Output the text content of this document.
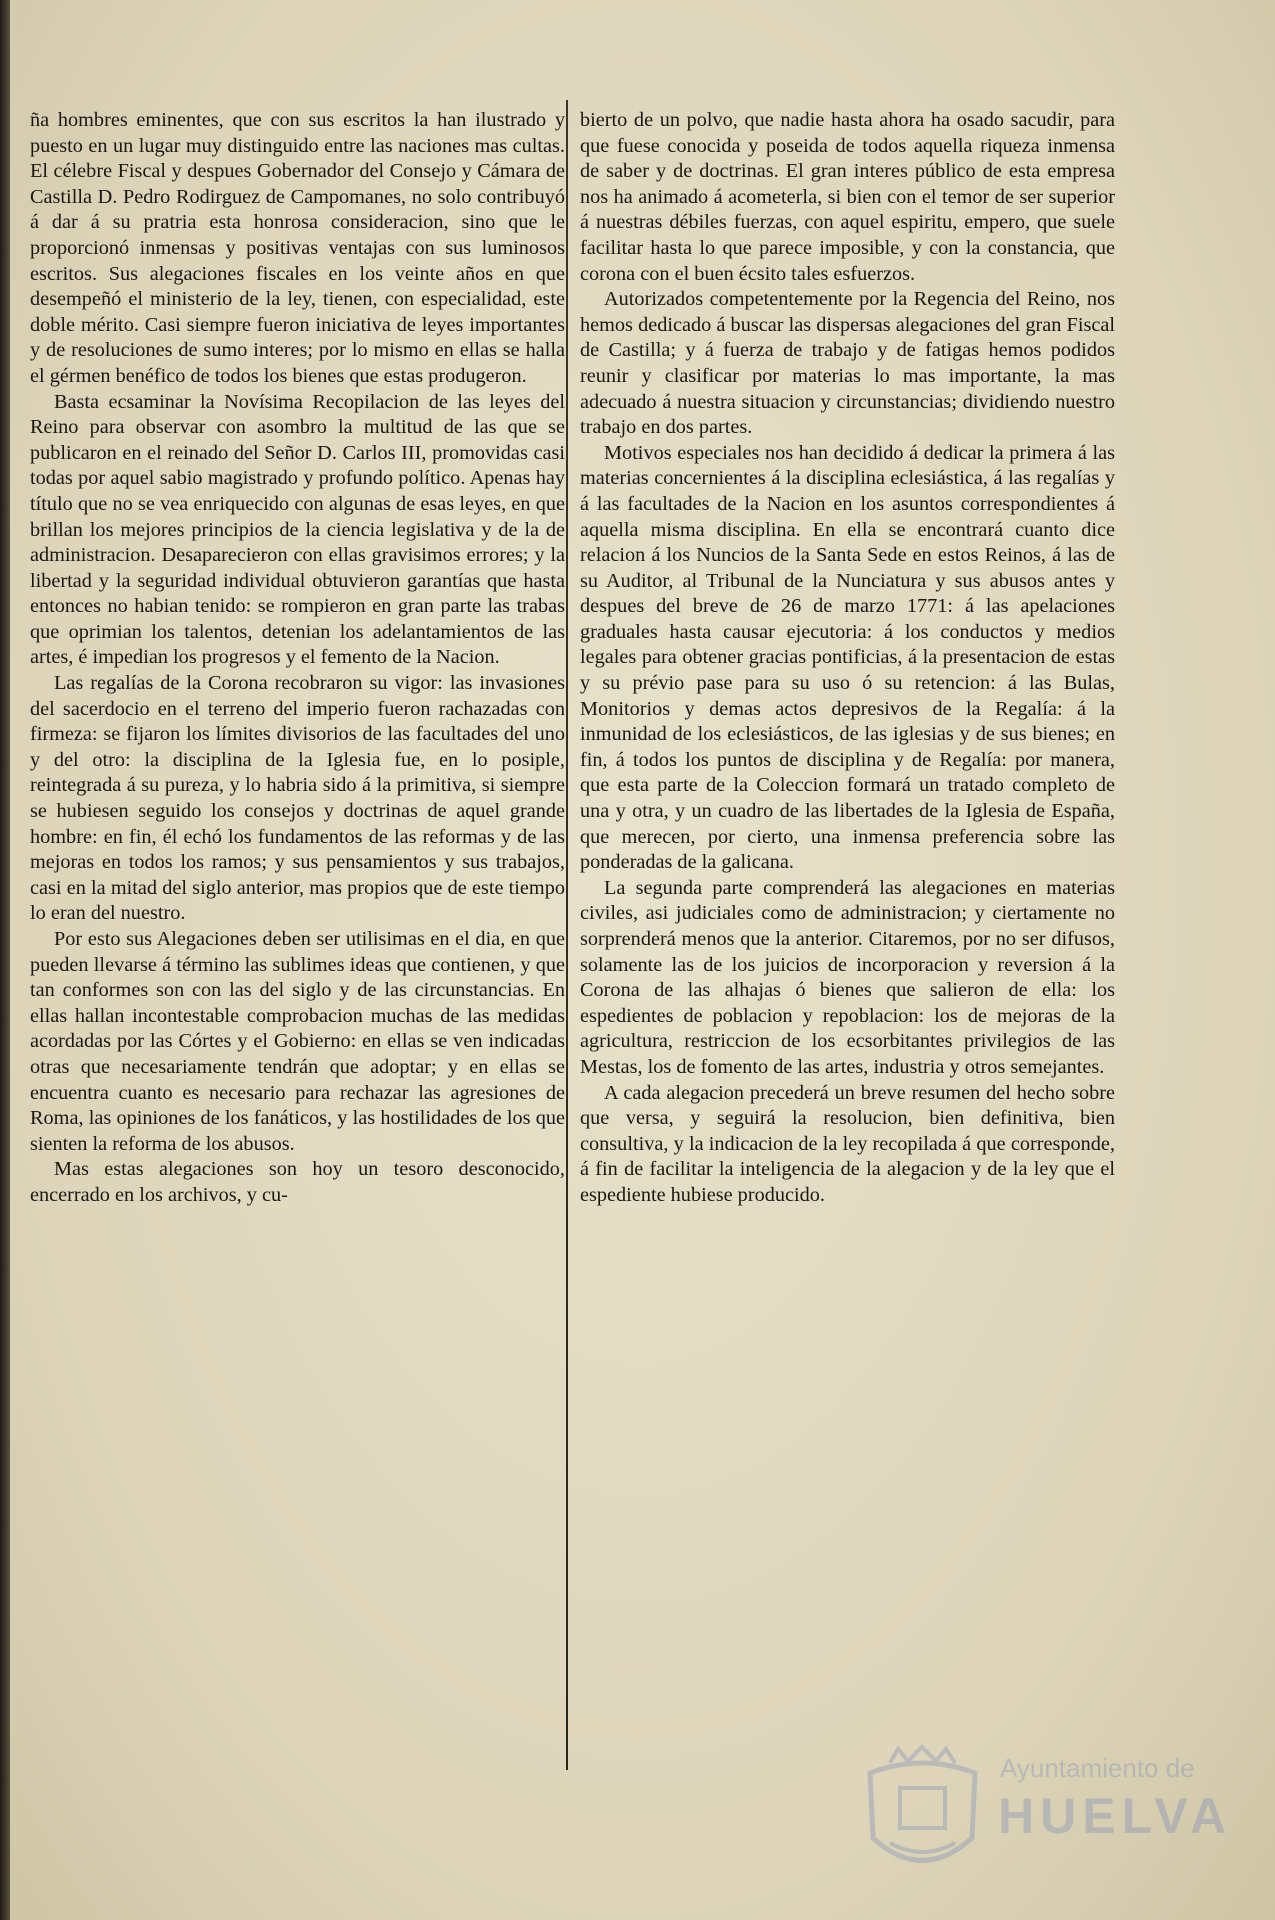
ña hombres eminentes, que con sus escritos la han ilustrado y puesto en un lugar muy distinguido entre las naciones mas cultas. El célebre Fiscal y despues Gobernador del Consejo y Cámara de Castilla D. Pedro Rodirguez de Campomanes, no solo contribuyó á dar á su pratria esta honrosa consideracion, sino que le proporcionó inmensas y positivas ventajas con sus luminosos escritos. Sus alegaciones fiscales en los veinte años en que desempeñó el ministerio de la ley, tienen, con especialidad, este doble mérito. Casi siempre fueron iniciativa de leyes importantes y de resoluciones de sumo interes; por lo mismo en ellas se halla el gérmen benéfico de todos los bienes que estas produgeron.

Basta ecsaminar la Novísima Recopilacion de las leyes del Reino para observar con asombro la multitud de las que se publicaron en el reinado del Señor D. Carlos III, promovidas casi todas por aquel sabio magistrado y profundo político. Apenas hay título que no se vea enriquecido con algunas de esas leyes, en que brillan los mejores principios de la ciencia legislativa y de la de administracion. Desaparecieron con ellas gravisimos errores; y la libertad y la seguridad individual obtuvieron garantías que hasta entonces no habian tenido: se rompieron en gran parte las trabas que oprimian los talentos, detenian los adelantamientos de las artes, é impedian los progresos y el femento de la Nacion.

Las regalías de la Corona recobraron su vigor: las invasiones del sacerdocio en el terreno del imperio fueron rachazadas con firmeza: se fijaron los límites divisorios de las facultades del uno y del otro: la disciplina de la Iglesia fue, en lo posiple, reintegrada á su pureza, y lo habria sido á la primitiva, si siempre se hubiesen seguido los consejos y doctrinas de aquel grande hombre: en fin, él echó los fundamentos de las reformas y de las mejoras en todos los ramos; y sus pensamientos y sus trabajos, casi en la mitad del siglo anterior, mas propios que de este tiempo lo eran del nuestro.

Por esto sus Alegaciones deben ser utilisimas en el dia, en que pueden llevarse á término las sublimes ideas que contienen, y que tan conformes son con las del siglo y de las circunstancias. En ellas hallan incontestable comprobacion muchas de las medidas acordadas por las Córtes y el Gobierno: en ellas se ven indicadas otras que necesariamente tendrán que adoptar; y en ellas se encuentra cuanto es necesario para rechazar las agresiones de Roma, las opiniones de los fanáticos, y las hostilidades de los que sienten la reforma de los abusos.

Mas estas alegaciones son hoy un tesoro desconocido, encerrado en los archivos, y cu-

bierto de un polvo, que nadie hasta ahora ha osado sacudir, para que fuese conocida y poseida de todos aquella riqueza inmensa de saber y de doctrinas. El gran interes público de esta empresa nos ha animado á acometerla, si bien con el temor de ser superior á nuestras débiles fuerzas, con aquel espiritu, empero, que suele facilitar hasta lo que parece imposible, y con la constancia, que corona con el buen écsito tales esfuerzos.

Autorizados competentemente por la Regencia del Reino, nos hemos dedicado á buscar las dispersas alegaciones del gran Fiscal de Castilla; y á fuerza de trabajo y de fatigas hemos podidos reunir y clasificar por materias lo mas importante, la mas adecuado á nuestra situacion y circunstancias; dividiendo nuestro trabajo en dos partes.

Motivos especiales nos han decidido á dedicar la primera á las materias concernientes á la disciplina eclesiástica, á las regalías y á las facultades de la Nacion en los asuntos correspondientes á aquella misma disciplina. En ella se encontrará cuanto dice relacion á los Nuncios de la Santa Sede en estos Reinos, á las de su Auditor, al Tribunal de la Nunciatura y sus abusos antes y despues del breve de 26 de marzo 1771: á las apelaciones graduales hasta causar ejecutoria: á los conductos y medios legales para obtener gracias pontificias, á la presentacion de estas y su prévio pase para su uso ó su retencion: á las Bulas, Monitorios y demas actos depresivos de la Regalía: á la inmunidad de los eclesiásticos, de las iglesias y de sus bienes; en fin, á todos los puntos de disciplina y de Regalía: por manera, que esta parte de la Coleccion formará un tratado completo de una y otra, y un cuadro de las libertades de la Iglesia de España, que merecen, por cierto, una inmensa preferencia sobre las ponderadas de la galicana.

La segunda parte comprenderá las alegaciones en materias civiles, asi judiciales como de administracion; y ciertamente no sorprenderá menos que la anterior. Citaremos, por no ser difusos, solamente las de los juicios de incorporacion y reversion á la Corona de las alhajas ó bienes que salieron de ella: los espedientes de poblacion y repoblacion: los de mejoras de la agricultura, restriccion de los ecsorbitantes privilegios de las Mestas, los de fomento de las artes, industria y otros semejantes.

A cada alegacion precederá un breve resumen del hecho sobre que versa, y seguirá la resolucion, bien definitiva, bien consultiva, y la indicacion de la ley recopilada á que corresponde, á fin de facilitar la inteligencia de la alegacion y de la ley que el espediente hubiese producido.

Ayuntamiento de
HUELVA
